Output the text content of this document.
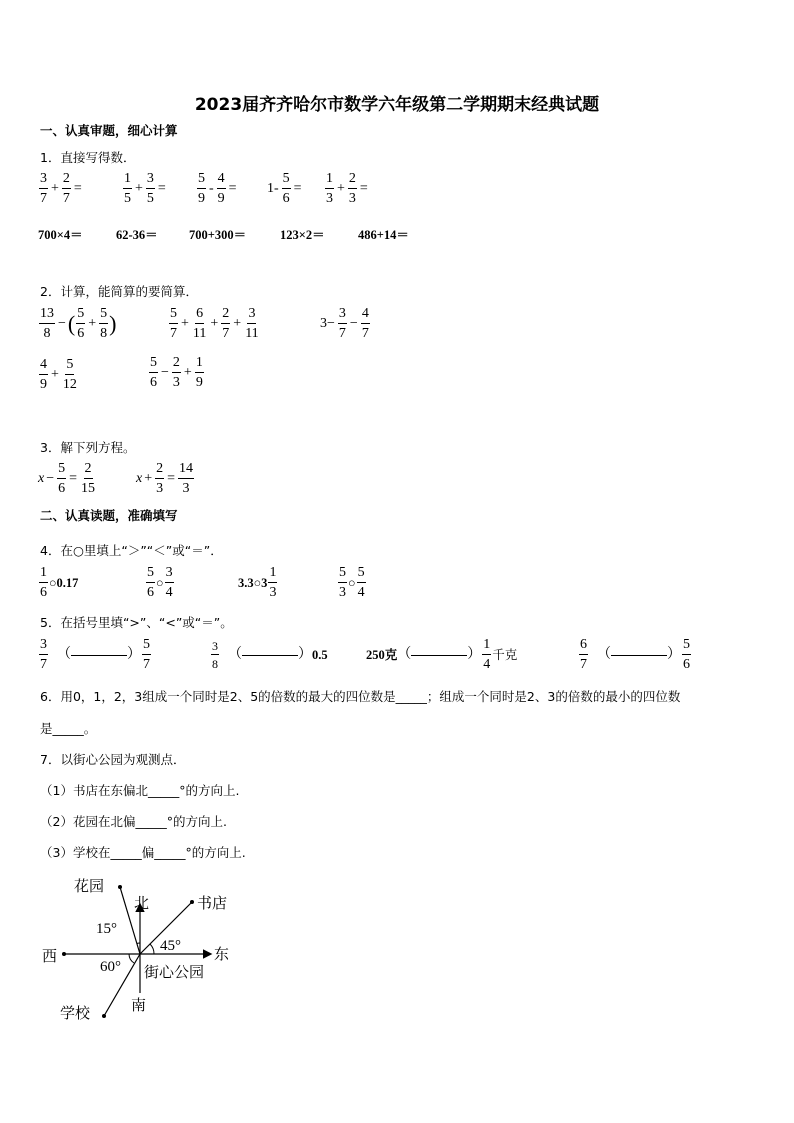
2023届齐齐哈尔市数学六年级第二学期期末经典试题
一、认真审题，细心计算
1．直接写得数．
$\frac{3}{7} + \frac{2}{7}$ =	$\frac{1}{5} + \frac{3}{5} = \frac{5}{9} - \frac{4}{9} = 1- \frac{5}{6} = \frac{1}{3} + \frac{2}{3}$ =
700×4＝	62-36＝	700+300＝	123×2＝	486+14＝
2．计算，能简算的要简算．
$\frac{13}{8}$ − ( $\frac{5}{6} + \frac{5}{8}$ )	$\frac{5}{7} + \frac{6}{11} + \frac{2}{7} + \frac{3}{11}$	$3- \frac{3}{7} - \frac{4}{7}$
$\frac{4}{9} + \frac{5}{12}$	$\frac{5}{6} - \frac{2}{3} + \frac{1}{9}$
3．解下列方程。
$x - \frac{5}{6} = \frac{2}{15}$	$x + \frac{2}{3} = \frac{14}{3}$
二、认真读题，准确填写
4．在○里填上“＞”“＜”或“＝”．
$\frac{1}{6}$ ○0.17	$\frac{5}{6}$ ○ $\frac{3}{4}$	3.3○3 $\frac{1}{3}$	$\frac{5}{3}$ ○ $\frac{5}{4}$
5．在括号里填“>”、“<”或“＝”。
$\frac{3}{7}$ （	） $\frac{5}{7}$	$\frac{3}{8}$ （	） 0.5	250克 （	） $\frac{1}{4}$ 千克	$\frac{6}{7}$ （	） $\frac{5}{6}$
6．用0，1，2，3组成一个同时是2、5的倍数的最大的四位数是_____；组成一个同时是2、3的倍数的最小的四位数
是_____。
7．以街心公园为观测点．
（1）书店在东偏北_____°的方向上.
（2）花园在北偏_____°的方向上.
（3）学校在_____偏_____°的方向上.
花园
北	书店
15°
45°
西	东
60° 街心公园
南
学校
